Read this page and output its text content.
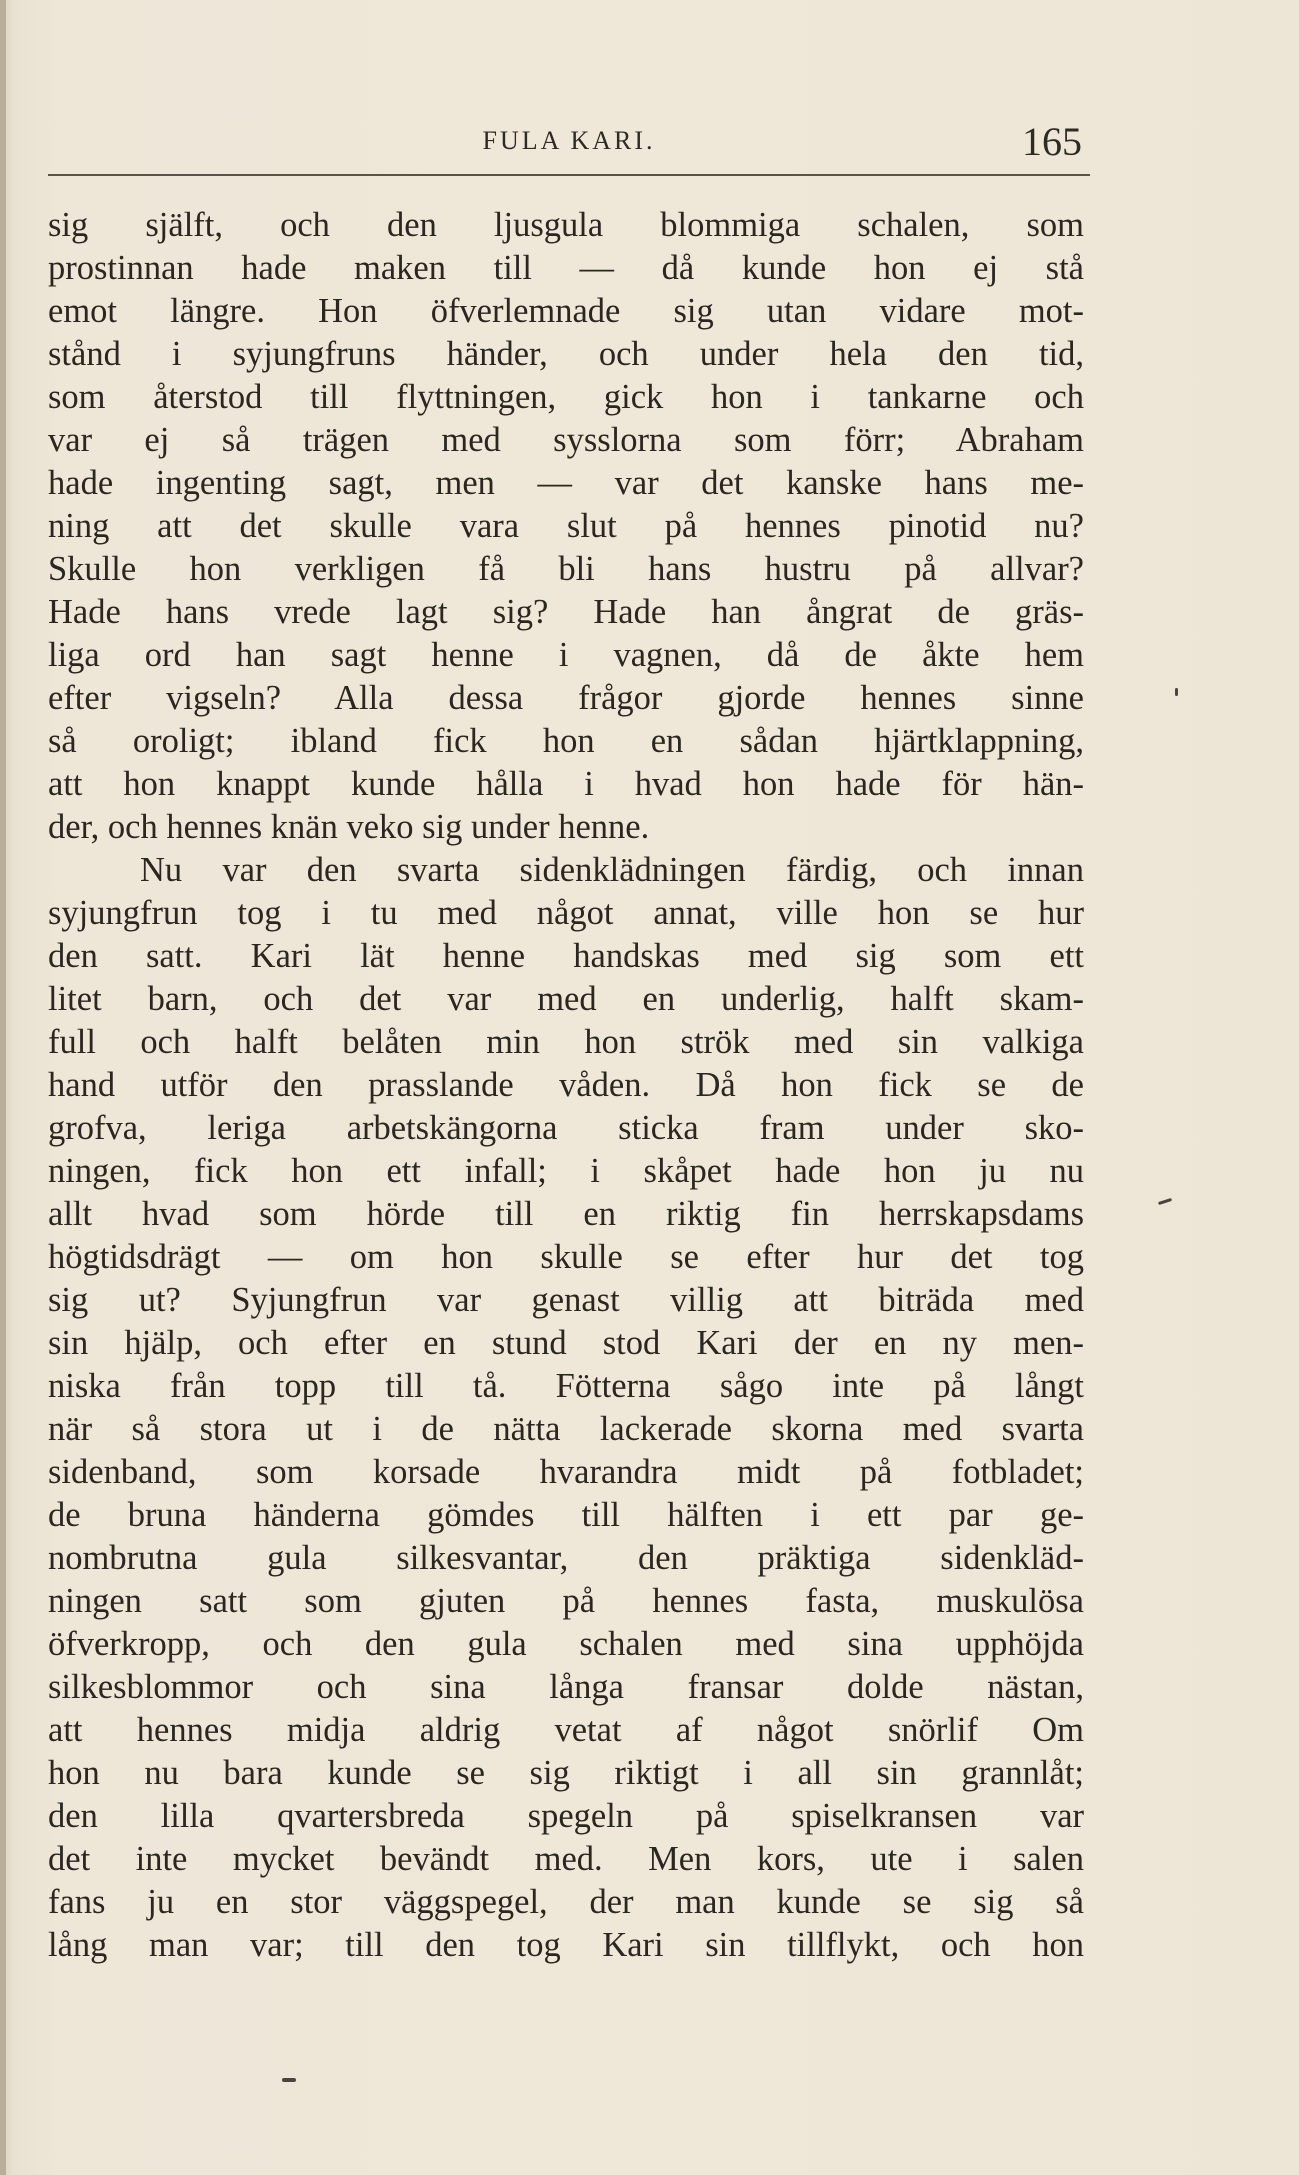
FULA KARI.	165
sig själft, och den ljusgula blommiga schalen, som
prostinnan hade maken till — då kunde hon ej stå
emot längre. Hon öfverlemnade sig utan vidare mot-
stånd i syjungfruns händer, och under hela den tid,
som återstod till flyttningen, gick hon i tankarne och
var ej så trägen med sysslorna som förr; Abraham
hade ingenting sagt, men — var det kanske hans me-
ning att det skulle vara slut på hennes pinotid nu?
Skulle hon verkligen få bli hans hustru på allvar?
Hade hans vrede lagt sig? Hade han ångrat de gräs-
liga ord han sagt henne i vagnen, då de åkte hem
efter vigseln? Alla dessa frågor gjorde hennes sinne
så oroligt; ibland fick hon en sådan hjärtklappning,
att hon knappt kunde hålla i hvad hon hade för hän-
der, och hennes knän veko sig under henne.
Nu var den svarta sidenklädningen färdig, och innan
syjungfrun tog i tu med något annat, ville hon se hur
den satt. Kari lät henne handskas med sig som ett
litet barn, och det var med en underlig, halft skam-
full och halft belåten min hon strök med sin valkiga
hand utför den prasslande våden. Då hon fick se de
grofva, leriga arbetskängorna sticka fram under sko-
ningen, fick hon ett infall; i skåpet hade hon ju nu
allt hvad som hörde till en riktig fin herrskapsdams
högtidsdrägt — om hon skulle se efter hur det tog
sig ut? Syjungfrun var genast villig att biträda med
sin hjälp, och efter en stund stod Kari der en ny men-
niska från topp till tå. Fötterna sågo inte på långt
när så stora ut i de nätta lackerade skorna med svarta
sidenband, som korsade hvarandra midt på fotbladet;
de bruna händerna gömdes till hälften i ett par ge-
nombrutna gula silkesvantar, den präktiga sidenkläd-
ningen satt som gjuten på hennes fasta, muskulösa
öfverkropp, och den gula schalen med sina upphöjda
silkesblommor och sina långa fransar dolde nästan,
att hennes midja aldrig vetat af något snörlif Om
hon nu bara kunde se sig riktigt i all sin grannlåt;
den lilla qvartersbreda spegeln på spiselkransen var
det inte mycket bevändt med. Men kors, ute i salen
fans ju en stor väggspegel, der man kunde se sig så
lång man var; till den tog Kari sin tillflykt, och hon
